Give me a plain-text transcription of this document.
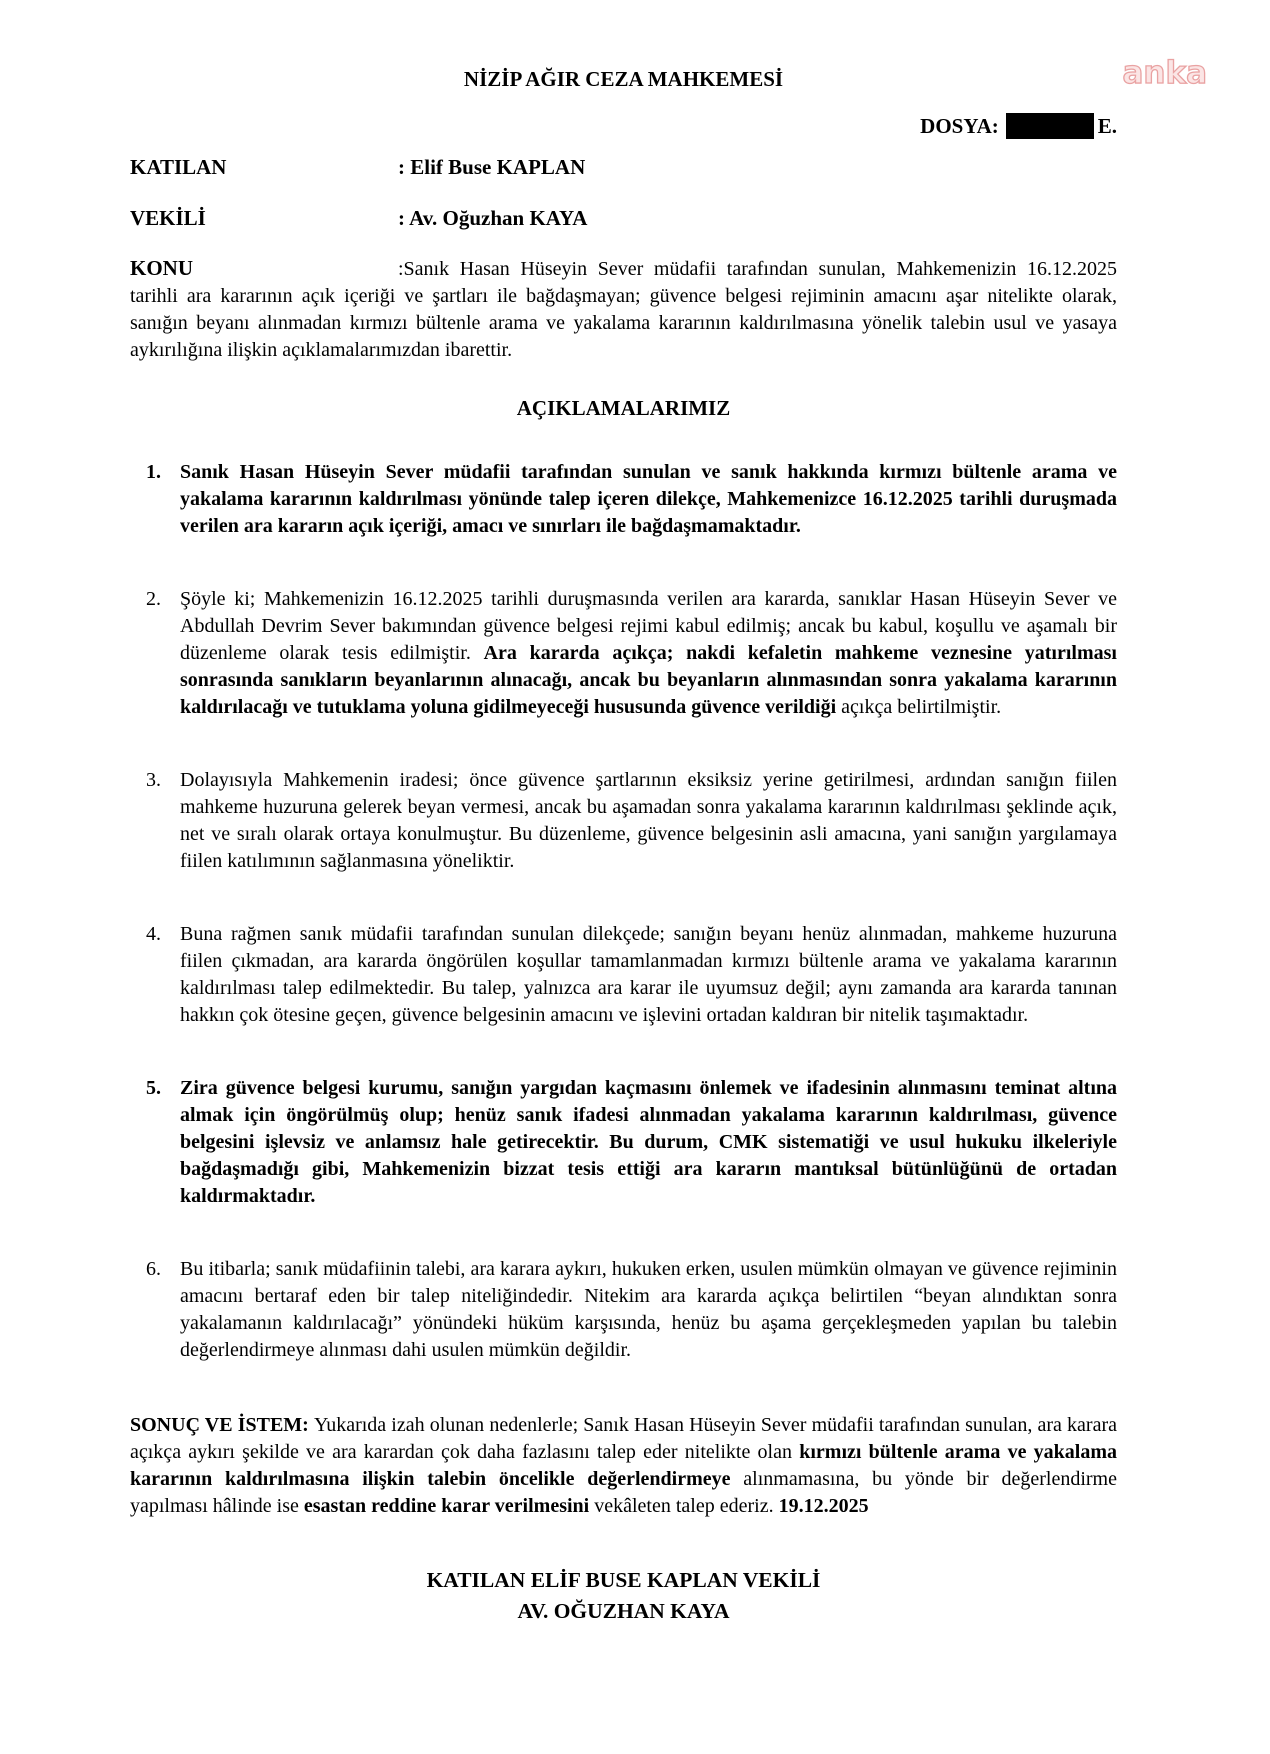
anka
NİZİP AĞIR CEZA MAHKEMESİ
DOSYA:	E.
KATILAN	: Elif Buse KAPLAN
VEKİLİ	: Av. Oğuzhan KAYA

KONU	:Sanık Hasan Hüseyin Sever müdafii tarafından sunulan, Mahkemenizin 16.12.2025 tarihli ara kararının açık içeriği ve şartları ile bağdaşmayan; güvence belgesi rejiminin amacını aşar nitelikte olarak, sanığın beyanı alınmadan kırmızı bültenle arama ve yakalama kararının kaldırılmasına yönelik talebin usul ve yasaya aykırılığına ilişkin açıklamalarımızdan ibarettir.

AÇIKLAMALARIMIZ
1. Sanık Hasan Hüseyin Sever müdafii tarafından sunulan ve sanık hakkında kırmızı bültenle arama ve yakalama kararının kaldırılması yönünde talep içeren dilekçe, Mahkemenizce 16.12.2025 tarihli duruşmada verilen ara kararın açık içeriği, amacı ve sınırları ile bağdaşmamaktadır.
2. Şöyle ki; Mahkemenizin 16.12.2025 tarihli duruşmasında verilen ara kararda, sanıklar Hasan Hüseyin Sever ve Abdullah Devrim Sever bakımından güvence belgesi rejimi kabul edilmiş; ancak bu kabul, koşullu ve aşamalı bir düzenleme olarak tesis edilmiştir. Ara kararda açıkça; nakdi kefaletin mahkeme veznesine yatırılması sonrasında sanıkların beyanlarının alınacağı, ancak bu beyanların alınmasından sonra yakalama kararının kaldırılacağı ve tutuklama yoluna gidilmeyeceği hususunda güvence verildiği açıkça belirtilmiştir.
3. Dolayısıyla Mahkemenin iradesi; önce güvence şartlarının eksiksiz yerine getirilmesi, ardından sanığın fiilen mahkeme huzuruna gelerek beyan vermesi, ancak bu aşamadan sonra yakalama kararının kaldırılması şeklinde açık, net ve sıralı olarak ortaya konulmuştur. Bu düzenleme, güvence belgesinin asli amacına, yani sanığın yargılamaya fiilen katılımının sağlanmasına yöneliktir.
4. Buna rağmen sanık müdafii tarafından sunulan dilekçede; sanığın beyanı henüz alınmadan, mahkeme huzuruna fiilen çıkmadan, ara kararda öngörülen koşullar tamamlanmadan kırmızı bültenle arama ve yakalama kararının kaldırılması talep edilmektedir. Bu talep, yalnızca ara karar ile uyumsuz değil; aynı zamanda ara kararda tanınan hakkın çok ötesine geçen, güvence belgesinin amacını ve işlevini ortadan kaldıran bir nitelik taşımaktadır.
5. Zira güvence belgesi kurumu, sanığın yargıdan kaçmasını önlemek ve ifadesinin alınmasını teminat altına almak için öngörülmüş olup; henüz sanık ifadesi alınmadan yakalama kararının kaldırılması, güvence belgesini işlevsiz ve anlamsız hale getirecektir. Bu durum, CMK sistematiği ve usul hukuku ilkeleriyle bağdaşmadığı gibi, Mahkemenizin bizzat tesis ettiği ara kararın mantıksal bütünlüğünü de ortadan kaldırmaktadır.
6. Bu itibarla; sanık müdafiinin talebi, ara karara aykırı, hukuken erken, usulen mümkün olmayan ve güvence rejiminin amacını bertaraf eden bir talep niteliğindedir. Nitekim ara kararda açıkça belirtilen “beyan alındıktan sonra yakalamanın kaldırılacağı” yönündeki hüküm karşısında, henüz bu aşama gerçekleşmeden yapılan bu talebin değerlendirmeye alınması dahi usulen mümkün değildir.

SONUÇ VE İSTEM: Yukarıda izah olunan nedenlerle; Sanık Hasan Hüseyin Sever müdafii tarafından sunulan, ara karara açıkça aykırı şekilde ve ara karardan çok daha fazlasını talep eder nitelikte olan kırmızı bültenle arama ve yakalama kararının kaldırılmasına ilişkin talebin öncelikle değerlendirmeye alınmamasına, bu yönde bir değerlendirme yapılması hâlinde ise esastan reddine karar verilmesini vekâleten talep ederiz. 19.12.2025

KATILAN ELİF BUSE KAPLAN VEKİLİ
AV. OĞUZHAN KAYA
